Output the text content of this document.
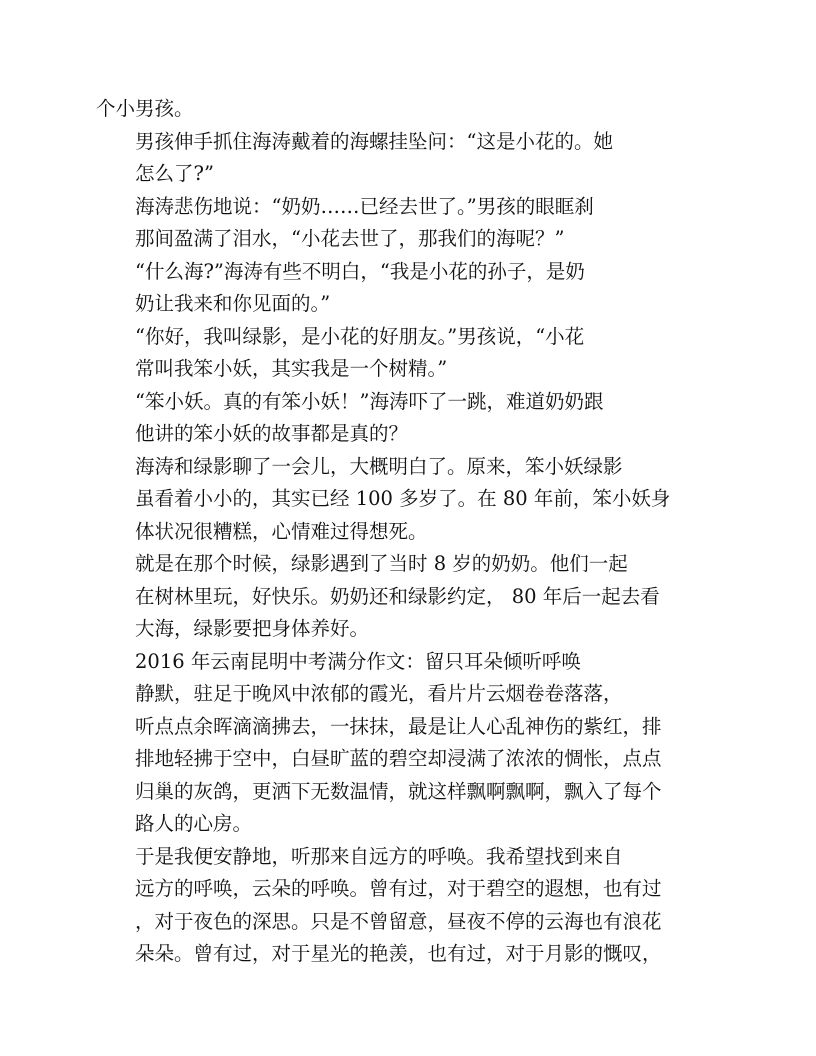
个小男孩。

男孩伸手抓住海涛戴着的海螺挂坠问：“这是小花的。她
怎么了?”

海涛悲伤地说：“奶奶……已经去世了。”男孩的眼眶刹
那间盈满了泪水，“小花去世了，那我们的海呢？”

“什么海?”海涛有些不明白，“我是小花的孙子，是奶
奶让我来和你见面的。”

“你好，我叫绿影，是小花的好朋友。”男孩说，“小花
常叫我笨小妖，其实我是一个树精。”

“笨小妖。真的有笨小妖！”海涛吓了一跳，难道奶奶跟
他讲的笨小妖的故事都是真的？

海涛和绿影聊了一会儿，大概明白了。原来，笨小妖绿影
虽看着小小的，其实已经 100 多岁了。在 80 年前，笨小妖身
体状况很糟糕，心情难过得想死。

就是在那个时候，绿影遇到了当时 8 岁的奶奶。他们一起
在树林里玩，好快乐。奶奶还和绿影约定， 80 年后一起去看
大海，绿影要把身体养好。

2016 年云南昆明中考满分作文：留只耳朵倾听呼唤

静默，驻足于晚风中浓郁的霞光，看片片云烟卷卷落落，
听点点余晖滴滴拂去，一抹抹，最是让人心乱神伤的紫红，排
排地轻拂于空中，白昼旷蓝的碧空却浸满了浓浓的惆怅，点点
归巢的灰鸽，更洒下无数温情，就这样飘啊飘啊，飘入了每个
路人的心房。

于是我便安静地，听那来自远方的呼唤。我希望找到来自
远方的呼唤，云朵的呼唤。曾有过，对于碧空的遐想，也有过
，对于夜色的深思。只是不曾留意，昼夜不停的云海也有浪花
朵朵。曾有过，对于星光的艳羡，也有过，对于月影的慨叹，
